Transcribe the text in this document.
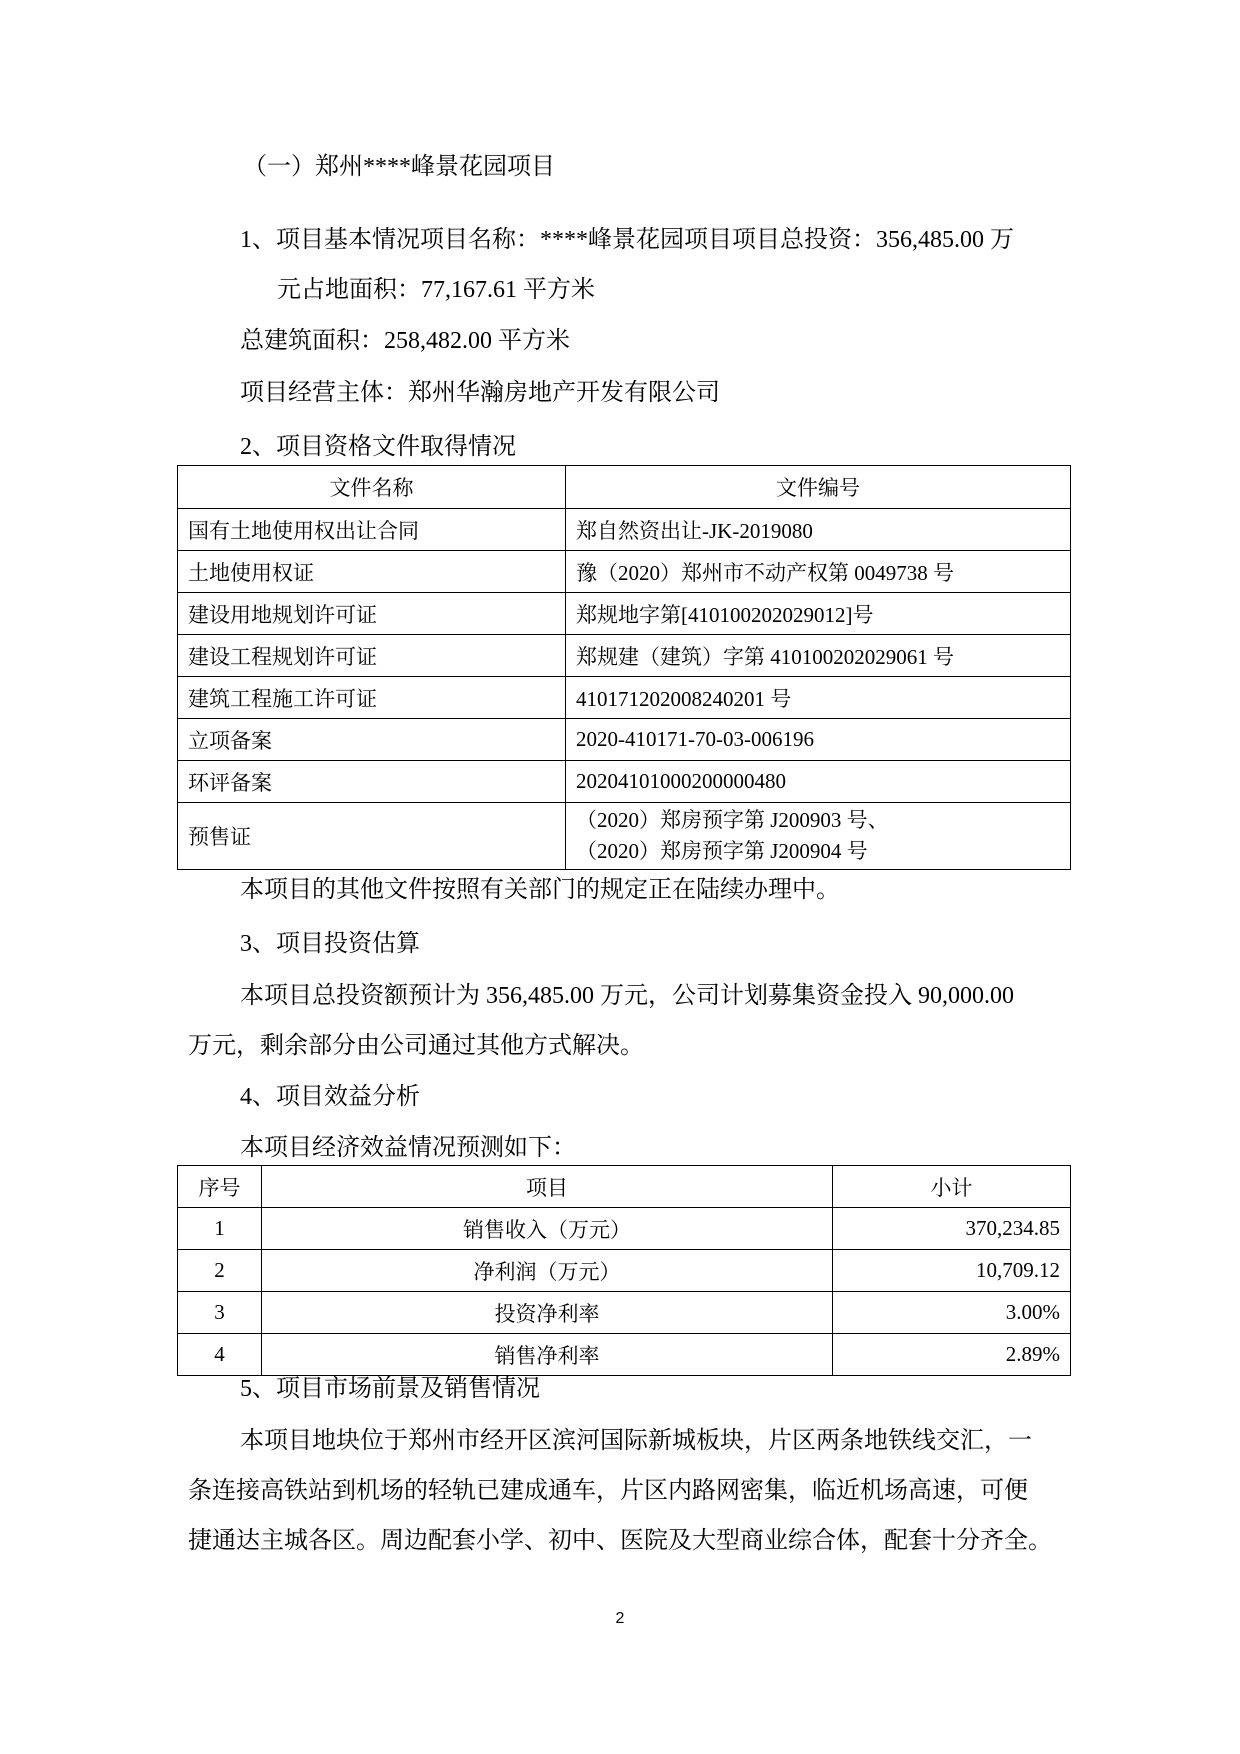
（一）郑州****峰景花园项目
1、项目基本情况项目名称：****峰景花园项目项目总投资：356,485.00 万
元占地面积：77,167.61 平方米
总建筑面积：258,482.00 平方米
项目经营主体：郑州华瀚房地产开发有限公司
2、项目资格文件取得情况
文件名称	文件编号
国有土地使用权出让合同	郑自然资出让-JK-2019080
土地使用权证	豫（2020）郑州市不动产权第 0049738 号
建设用地规划许可证	郑规地字第[410100202029012]号
建设工程规划许可证	郑规建（建筑）字第 410100202029061 号
建筑工程施工许可证	410171202008240201 号
立项备案	2020-410171-70-03-006196
环评备案	20204101000200000480
预售证	（2020）郑房预字第 J200903 号、
（2020）郑房预字第 J200904 号
本项目的其他文件按照有关部门的规定正在陆续办理中。
3、项目投资估算
本项目总投资额预计为 356,485.00 万元，公司计划募集资金投入 90,000.00
万元，剩余部分由公司通过其他方式解决。
4、项目效益分析
本项目经济效益情况预测如下：
序号	项目	小计
1	销售收入（万元）	370,234.85
2	净利润（万元）	10,709.12
3	投资净利率	3.00%
4	销售净利率	2.89%
5、项目市场前景及销售情况
本项目地块位于郑州市经开区滨河国际新城板块，片区两条地铁线交汇，一
条连接高铁站到机场的轻轨已建成通车，片区内路网密集，临近机场高速，可便
捷通达主城各区。周边配套小学、初中、医院及大型商业综合体，配套十分齐全。
2
